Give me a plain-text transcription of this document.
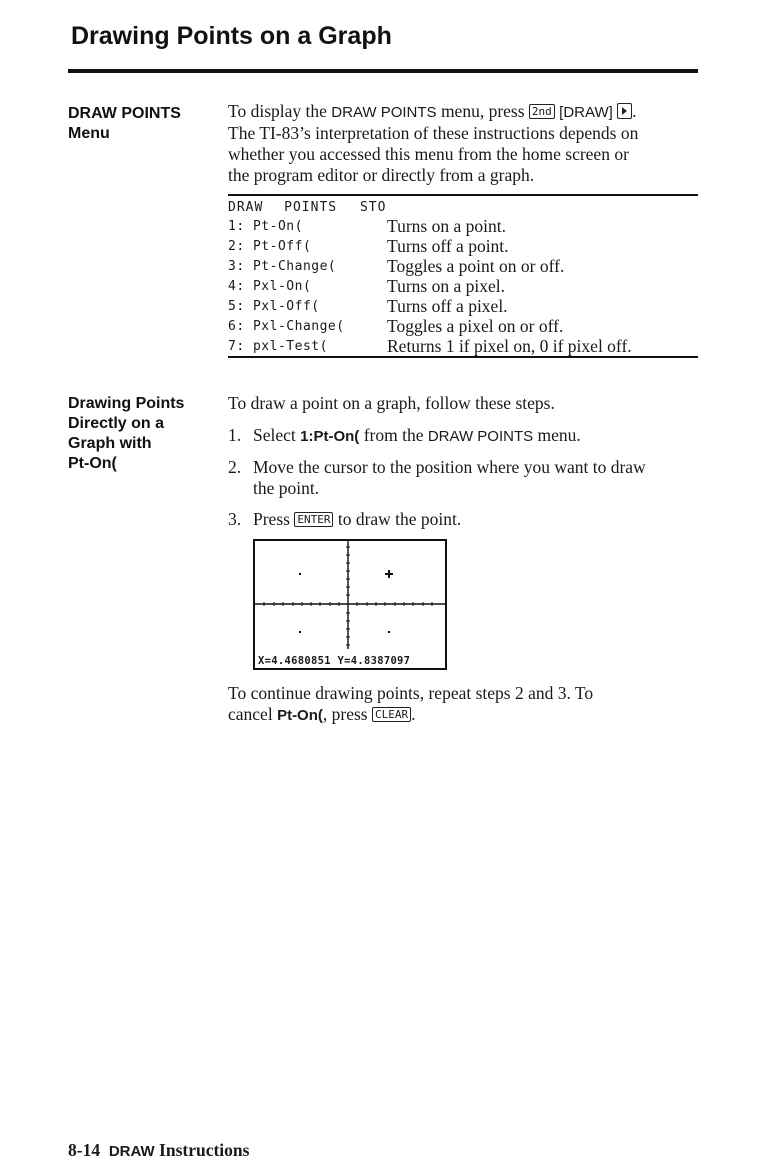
Drawing Points on a Graph
DRAW POINTS
Menu
To display the DRAW POINTS menu, press 2nd [DRAW] .
The TI-83’s interpretation of these instructions depends on
whether you accessed this menu from the home screen or
the program editor or directly from a graph.
DRAW POINTS STO
1: Pt-On(	Turns on a point.
2: Pt-Off(	Turns off a point.
3: Pt-Change(	Toggles a point on or off.
4: Pxl-On(	Turns on a pixel.
5: Pxl-Off(	Turns off a pixel.
6: Pxl-Change( Toggles a pixel on or off.
7: pxl-Test(	Returns 1 if pixel on, 0 if pixel off.
Drawing Points
Directly on a
Graph with
Pt-On(
To draw a point on a graph, follow these steps.
1. Select 1:Pt-On( from the DRAW POINTS menu.
2. Move the cursor to the position where you want to draw
the point.
3. Press ENTER to draw the point.
X=4.4680851 Y=4.8387097
To continue drawing points, repeat steps 2 and 3. To
cancel Pt-On(, press CLEAR .
8-14 DRAW Instructions
